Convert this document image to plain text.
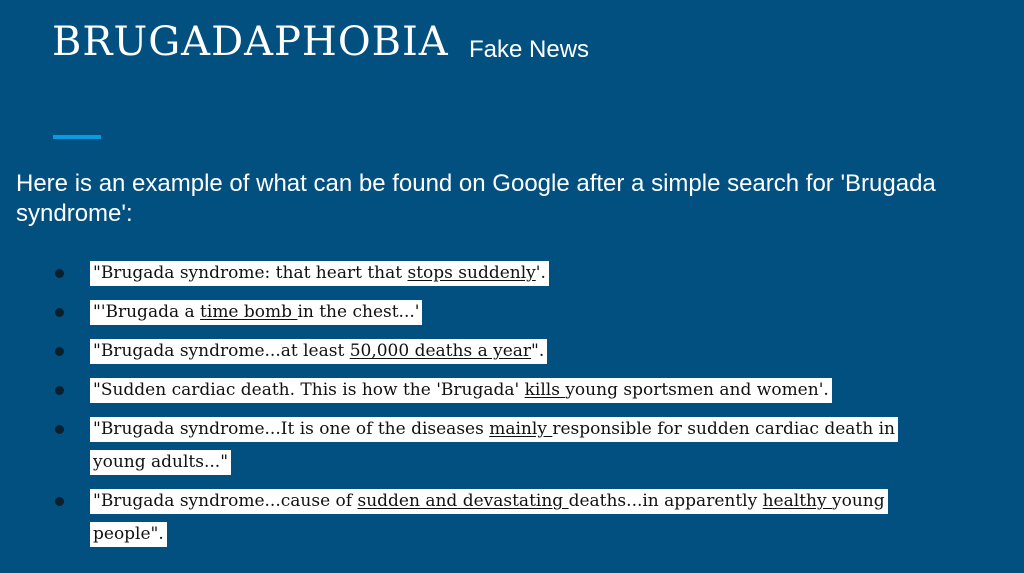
BRUGADAPHOBIA Fake News

Here is an example of what can be found on Google after a simple search for 'Brugada syndrome':

"Brugada syndrome: that heart that stops suddenly'.
"'Brugada a time bomb in the chest...'
"Brugada syndrome...at least 50,000 deaths a year".
"Sudden cardiac death. This is how the 'Brugada' kills young sportsmen and women'.
"Brugada syndrome...It is one of the diseases mainly responsible for sudden cardiac death in young adults..."
"Brugada syndrome...cause of sudden and devastating deaths...in apparently healthy young people".
